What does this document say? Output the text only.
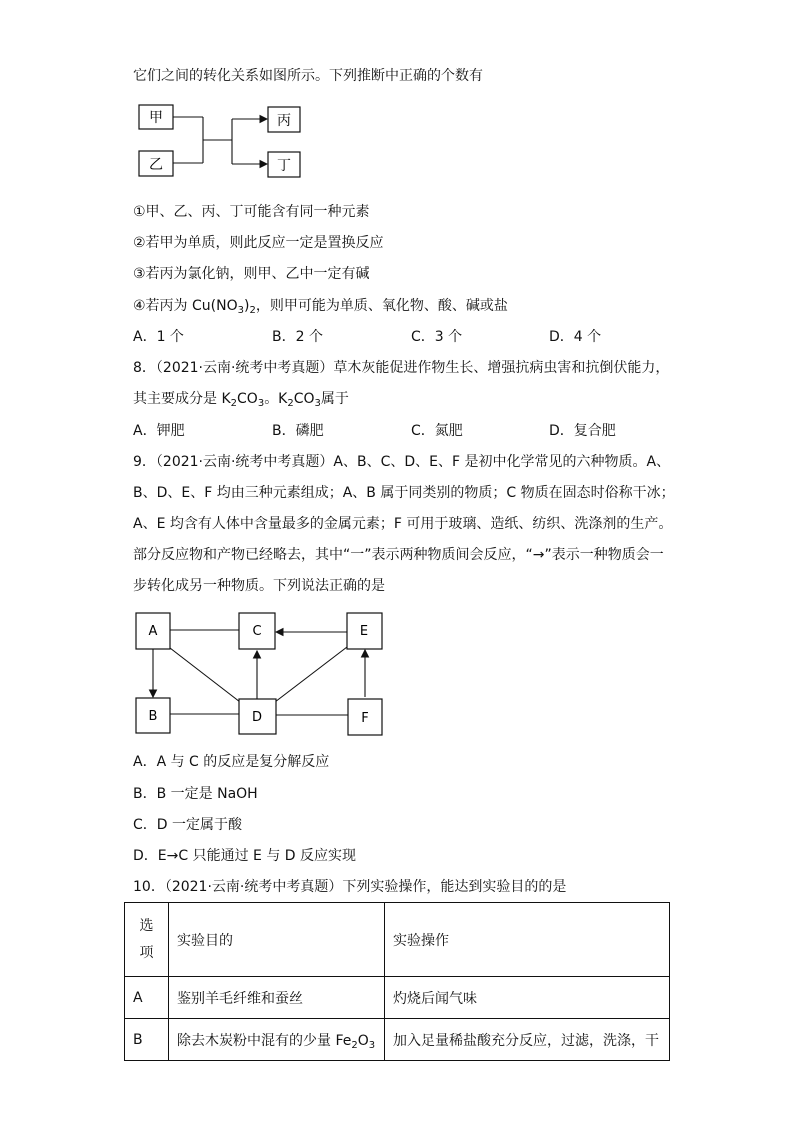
它们之间的转化关系如图所示。下列推断中正确的个数有
甲
乙
丙
丁
①甲、乙、丙、丁可能含有同一种元素
②若甲为单质，则此反应一定是置换反应
③若丙为氯化钠，则甲、乙中一定有碱
④若丙为 $Cu(NO_3)_2$，则甲可能为单质、氧化物、酸、碱或盐
A．1 个	B．2 个	C．3 个	D．4 个
8．（2021·云南·统考中考真题）草木灰能促进作物生长、增强抗病虫害和抗倒伏能力，
其主要成分是 $K_2CO_3$。$K_2CO_3$属于
A．钾肥	B．磷肥	C．氮肥	D．复合肥
9．（2021·云南·统考中考真题）A、B、C、D、E、F 是初中化学常见的六种物质。A、
B、D、E、F 均由三种元素组成；A、B 属于同类别的物质；C 物质在固态时俗称干冰；
A、E 均含有人体中含量最多的金属元素；F 可用于玻璃、造纸、纺织、洗涤剂的生产。
部分反应物和产物已经略去，其中“一”表示两种物质间会反应，“→”表示一种物质会一
步转化成另一种物质。下列说法正确的是
A	C	E
B	D	F
A．A 与 C 的反应是复分解反应
B．B 一定是 NaOH
C．D 一定属于酸
D．E→C 只能通过 E 与 D 反应实现
10．（2021·云南·统考中考真题）下列实验操作，能达到实验目的的是
选项	实验目的	实验操作
A	鉴别羊毛纤维和蚕丝	灼烧后闻气味
B	除去木炭粉中混有的少量 $Fe_2O_3$	加入足量稀盐酸充分反应，过滤，洗涤，干
